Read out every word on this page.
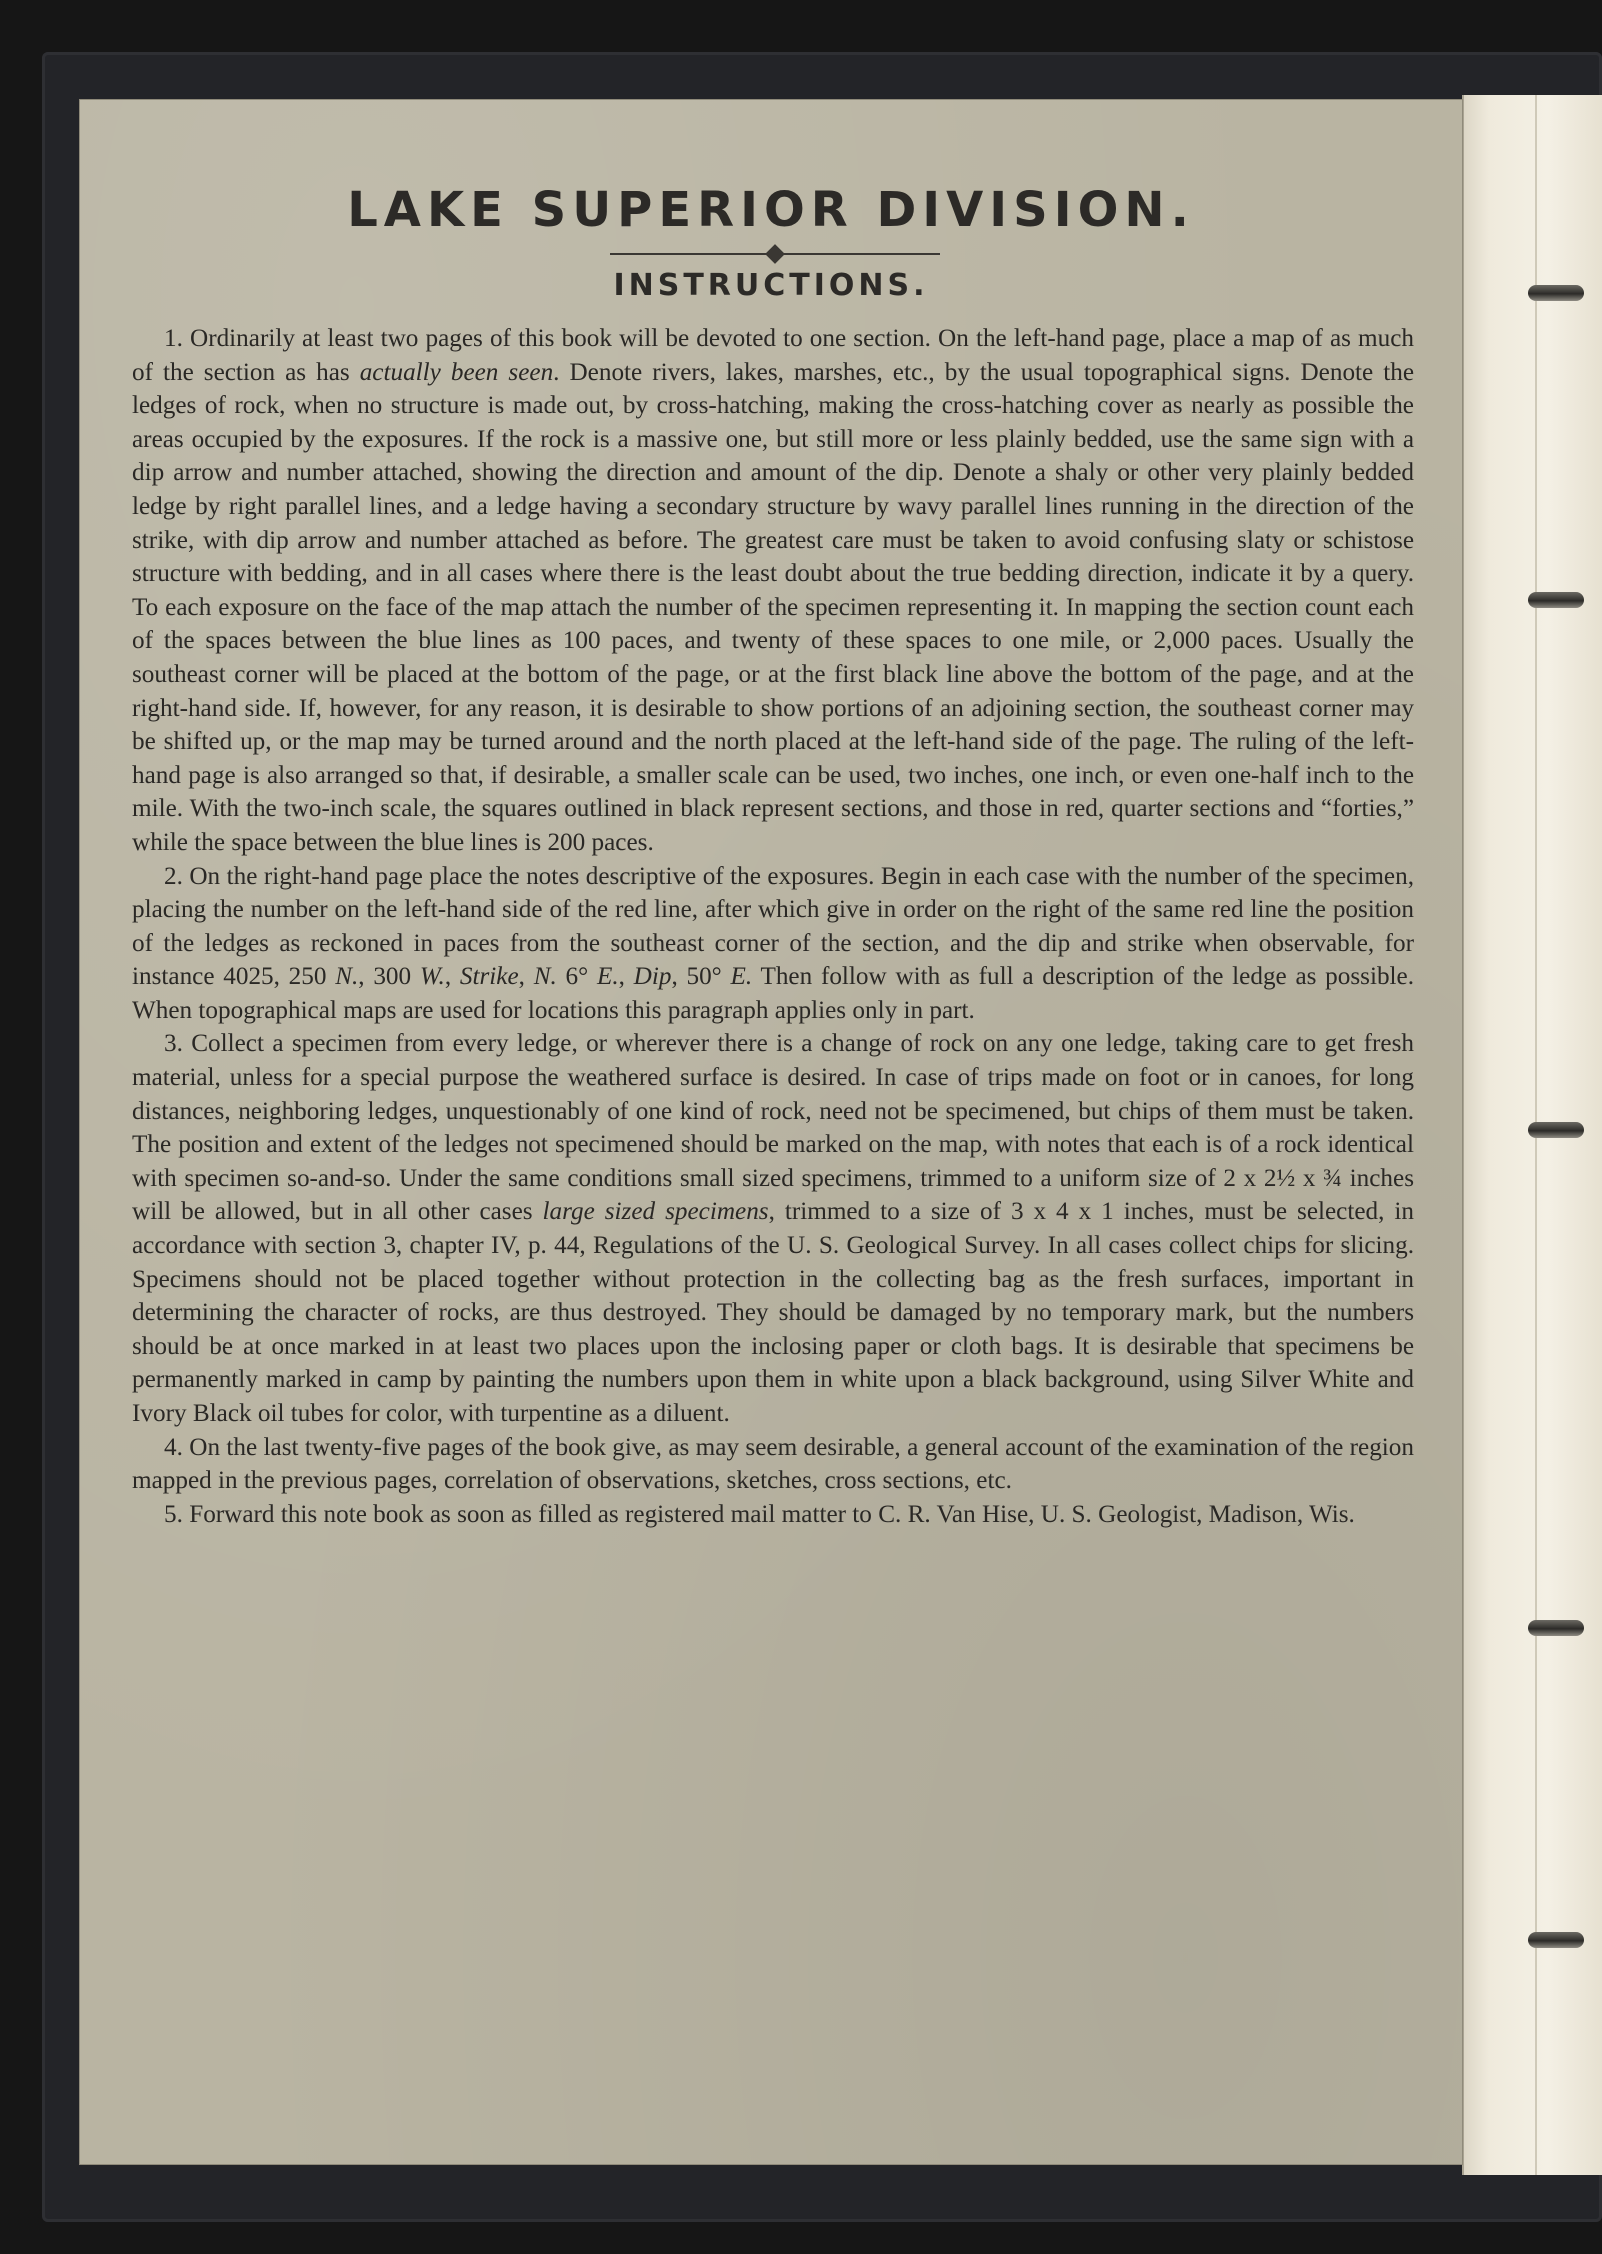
LAKE SUPERIOR DIVISION.
INSTRUCTIONS.

1. Ordinarily at least two pages of this book will be devoted to one section. On the left-hand page, place a map of as much of the section as has actually been seen. Denote rivers, lakes, marshes, etc., by the usual topographical signs. Denote the ledges of rock, when no structure is made out, by cross-hatching, making the cross-hatching cover as nearly as possible the areas occupied by the exposures. If the rock is a massive one, but still more or less plainly bedded, use the same sign with a dip arrow and number attached, showing the direction and amount of the dip. Denote a shaly or other very plainly bedded ledge by right parallel lines, and a ledge having a secondary structure by wavy parallel lines running in the direction of the strike, with dip arrow and number attached as before. The greatest care must be taken to avoid confusing slaty or schistose structure with bedding, and in all cases where there is the least doubt about the true bedding direction, indicate it by a query. To each exposure on the face of the map attach the number of the specimen representing it. In mapping the section count each of the spaces between the blue lines as 100 paces, and twenty of these spaces to one mile, or 2,000 paces. Usually the southeast corner will be placed at the bottom of the page, or at the first black line above the bottom of the page, and at the right-hand side. If, however, for any reason, it is desirable to show portions of an adjoining section, the southeast corner may be shifted up, or the map may be turned around and the north placed at the left-hand side of the page. The ruling of the left-hand page is also arranged so that, if desirable, a smaller scale can be used, two inches, one inch, or even one-half inch to the mile. With the two-inch scale, the squares outlined in black represent sections, and those in red, quarter sections and “forties,” while the space between the blue lines is 200 paces.

2. On the right-hand page place the notes descriptive of the exposures. Begin in each case with the number of the specimen, placing the number on the left-hand side of the red line, after which give in order on the right of the same red line the position of the ledges as reckoned in paces from the southeast corner of the section, and the dip and strike when observable, for instance 4025, 250 N., 300 W., Strike, N. 6° E., Dip, 50° E. Then follow with as full a description of the ledge as possible. When topographical maps are used for locations this paragraph applies only in part.

3. Collect a specimen from every ledge, or wherever there is a change of rock on any one ledge, taking care to get fresh material, unless for a special purpose the weathered surface is desired. In case of trips made on foot or in canoes, for long distances, neighboring ledges, unquestionably of one kind of rock, need not be specimened, but chips of them must be taken. The position and extent of the ledges not specimened should be marked on the map, with notes that each is of a rock identical with specimen so-and-so. Under the same conditions small sized specimens, trimmed to a uniform size of 2 x 2½ x ¾ inches will be allowed, but in all other cases large sized specimens, trimmed to a size of 3 x 4 x 1 inches, must be selected, in accordance with section 3, chapter IV, p. 44, Regulations of the U. S. Geological Survey. In all cases collect chips for slicing. Specimens should not be placed together without protection in the collecting bag as the fresh surfaces, important in determining the character of rocks, are thus destroyed. They should be damaged by no temporary mark, but the numbers should be at once marked in at least two places upon the inclosing paper or cloth bags. It is desirable that specimens be permanently marked in camp by painting the numbers upon them in white upon a black background, using Silver White and Ivory Black oil tubes for color, with turpentine as a diluent.

4. On the last twenty-five pages of the book give, as may seem desirable, a general account of the examination of the region mapped in the previous pages, correlation of observations, sketches, cross sections, etc.

5. Forward this note book as soon as filled as registered mail matter to C. R. Van Hise, U. S. Geologist, Madison, Wis.
